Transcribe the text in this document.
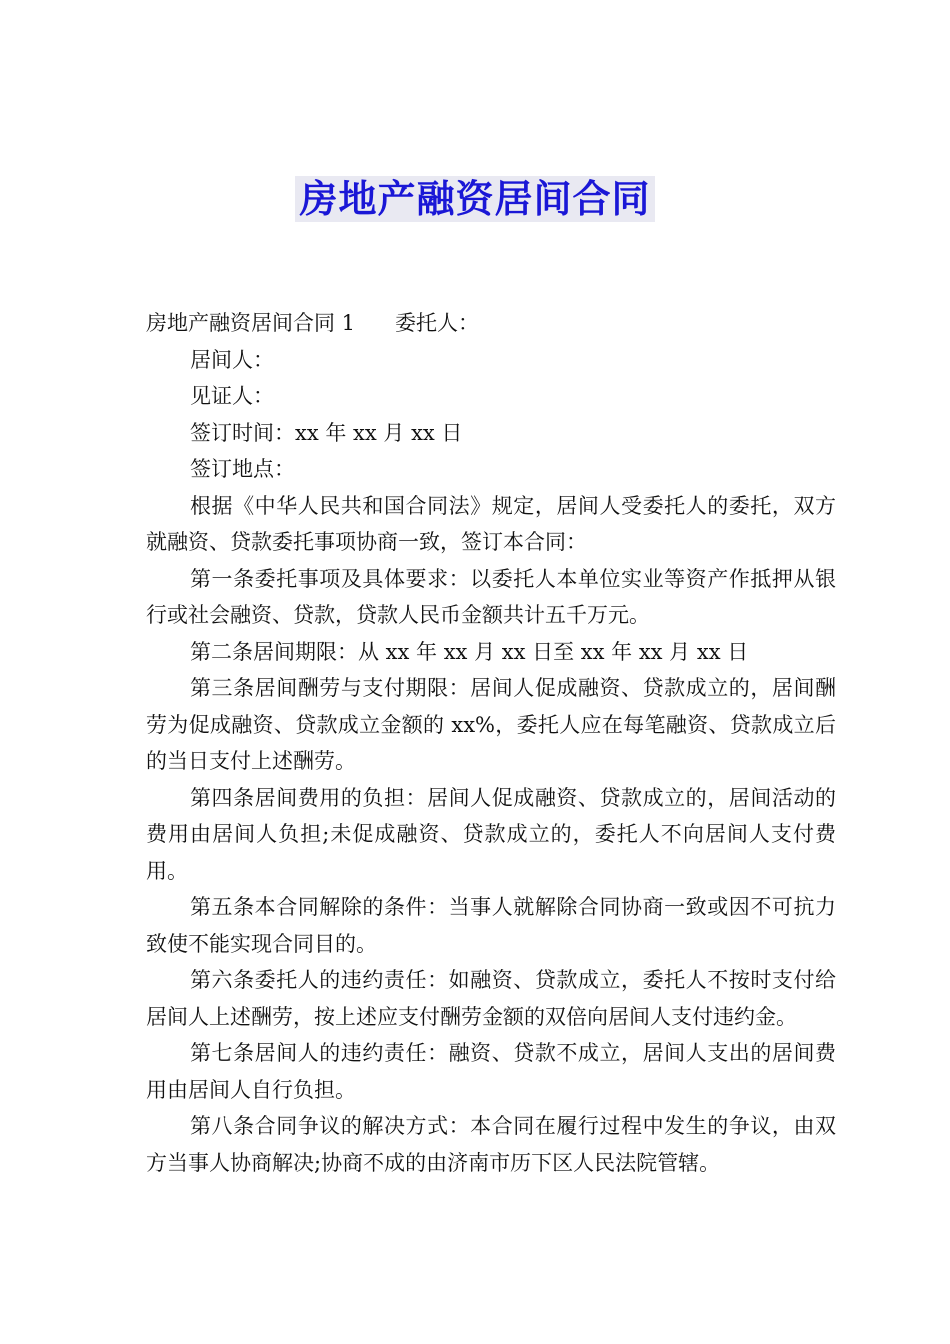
房地产融资居间合同

房地产融资居间合同 1 委托人：

居间人：

见证人：

签订时间：xx 年 xx 月 xx 日

签订地点：

根据《中华人民共和国合同法》规定，居间人受委托人的委托，双方就融资、贷款委托事项协商一致，签订本合同：

第一条委托事项及具体要求：以委托人本单位实业等资产作抵押从银行或社会融资、贷款，贷款人民币金额共计五千万元。

第二条居间期限：从 xx 年 xx 月 xx 日至 xx 年 xx 月 xx 日

第三条居间酬劳与支付期限：居间人促成融资、贷款成立的，居间酬劳为促成融资、贷款成立金额的 xx%，委托人应在每笔融资、贷款成立后的当日支付上述酬劳。

第四条居间费用的负担：居间人促成融资、贷款成立的，居间活动的费用由居间人负担;未促成融资、贷款成立的，委托人不向居间人支付费用。

第五条本合同解除的条件：当事人就解除合同协商一致或因不可抗力致使不能实现合同目的。

第六条委托人的违约责任：如融资、贷款成立，委托人不按时支付给居间人上述酬劳，按上述应支付酬劳金额的双倍向居间人支付违约金。

第七条居间人的违约责任：融资、贷款不成立，居间人支出的居间费用由居间人自行负担。

第八条合同争议的解决方式：本合同在履行过程中发生的争议，由双方当事人协商解决;协商不成的由济南市历下区人民法院管辖。
